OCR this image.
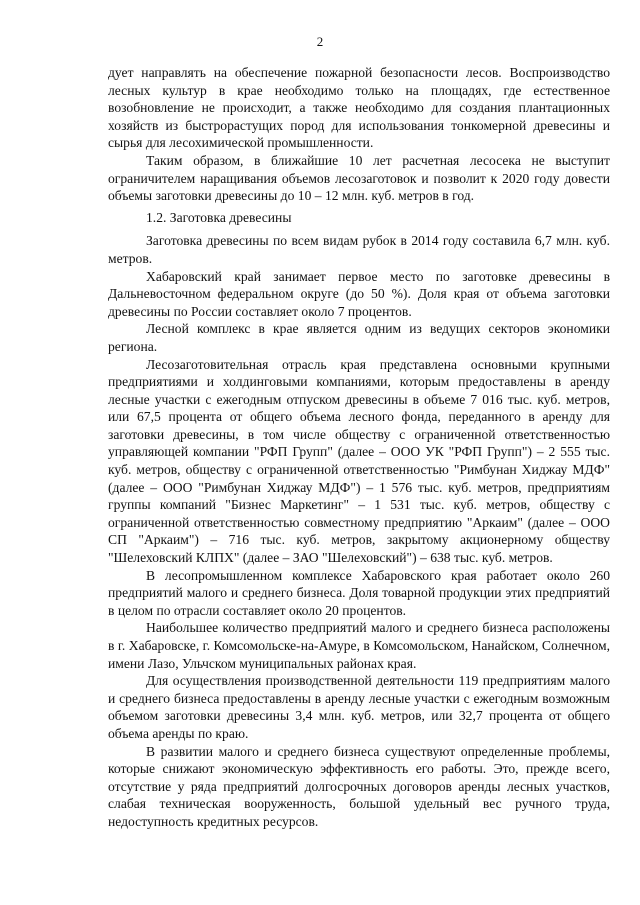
2

дует направлять на обеспечение пожарной безопасности лесов. Воспроизводство лесных культур в крае необходимо только на площадях, где естественное возобновление не происходит, а также необходимо для создания плантационных хозяйств из быстрорастущих пород для использования тонкомерной древесины и сырья для лесохимической промышленности.

Таким образом, в ближайшие 10 лет расчетная лесосека не выступит ограничителем наращивания объемов лесозаготовок и позволит к 2020 году довести объемы заготовки древесины до 10 – 12 млн. куб. метров в год.

1.2. Заготовка древесины

Заготовка древесины по всем видам рубок в 2014 году составила 6,7 млн. куб. метров.

Хабаровский край занимает первое место по заготовке древесины в Дальневосточном федеральном округе (до 50 %). Доля края от объема заготовки древесины по России составляет около 7 процентов.

Лесной комплекс в крае является одним из ведущих секторов экономики региона.

Лесозаготовительная отрасль края представлена основными крупными предприятиями и холдинговыми компаниями, которым предоставлены в аренду лесные участки с ежегодным отпуском древесины в объеме 7 016 тыс. куб. метров, или 67,5 процента от общего объема лесного фонда, переданного в аренду для заготовки древесины, в том числе обществу с ограниченной ответственностью управляющей компании "РФП Групп" (далее – ООО УК "РФП Групп") – 2 555 тыс. куб. метров, обществу с ограниченной ответственностью "Римбунан Хиджау МДФ" (далее – ООО "Римбунан Хиджау МДФ") – 1 576 тыс. куб. метров, предприятиям группы компаний "Бизнес Маркетинг" – 1 531 тыс. куб. метров, обществу с ограниченной ответственностью совместному предприятию "Аркаим" (далее – ООО СП "Аркаим") – 716 тыс. куб. метров, закрытому акционерному обществу "Шелеховский КЛПХ" (далее – ЗАО "Шелеховский") – 638 тыс. куб. метров.

В лесопромышленном комплексе Хабаровского края работает около 260 предприятий малого и среднего бизнеса. Доля товарной продукции этих предприятий в целом по отрасли составляет около 20 процентов.

Наибольшее количество предприятий малого и среднего бизнеса расположены в г. Хабаровске, г. Комсомольске-на-Амуре, в Комсомольском, Нанайском, Солнечном, имени Лазо, Ульчском муниципальных районах края.

Для осуществления производственной деятельности 119 предприятиям малого и среднего бизнеса предоставлены в аренду лесные участки с ежегодным возможным объемом заготовки древесины 3,4 млн. куб. метров, или 32,7 процента от общего объема аренды по краю.

В развитии малого и среднего бизнеса существуют определенные проблемы, которые снижают экономическую эффективность его работы. Это, прежде всего, отсутствие у ряда предприятий долгосрочных договоров аренды лесных участков, слабая техническая вооруженность, большой удельный вес ручного труда, недоступность кредитных ресурсов.
